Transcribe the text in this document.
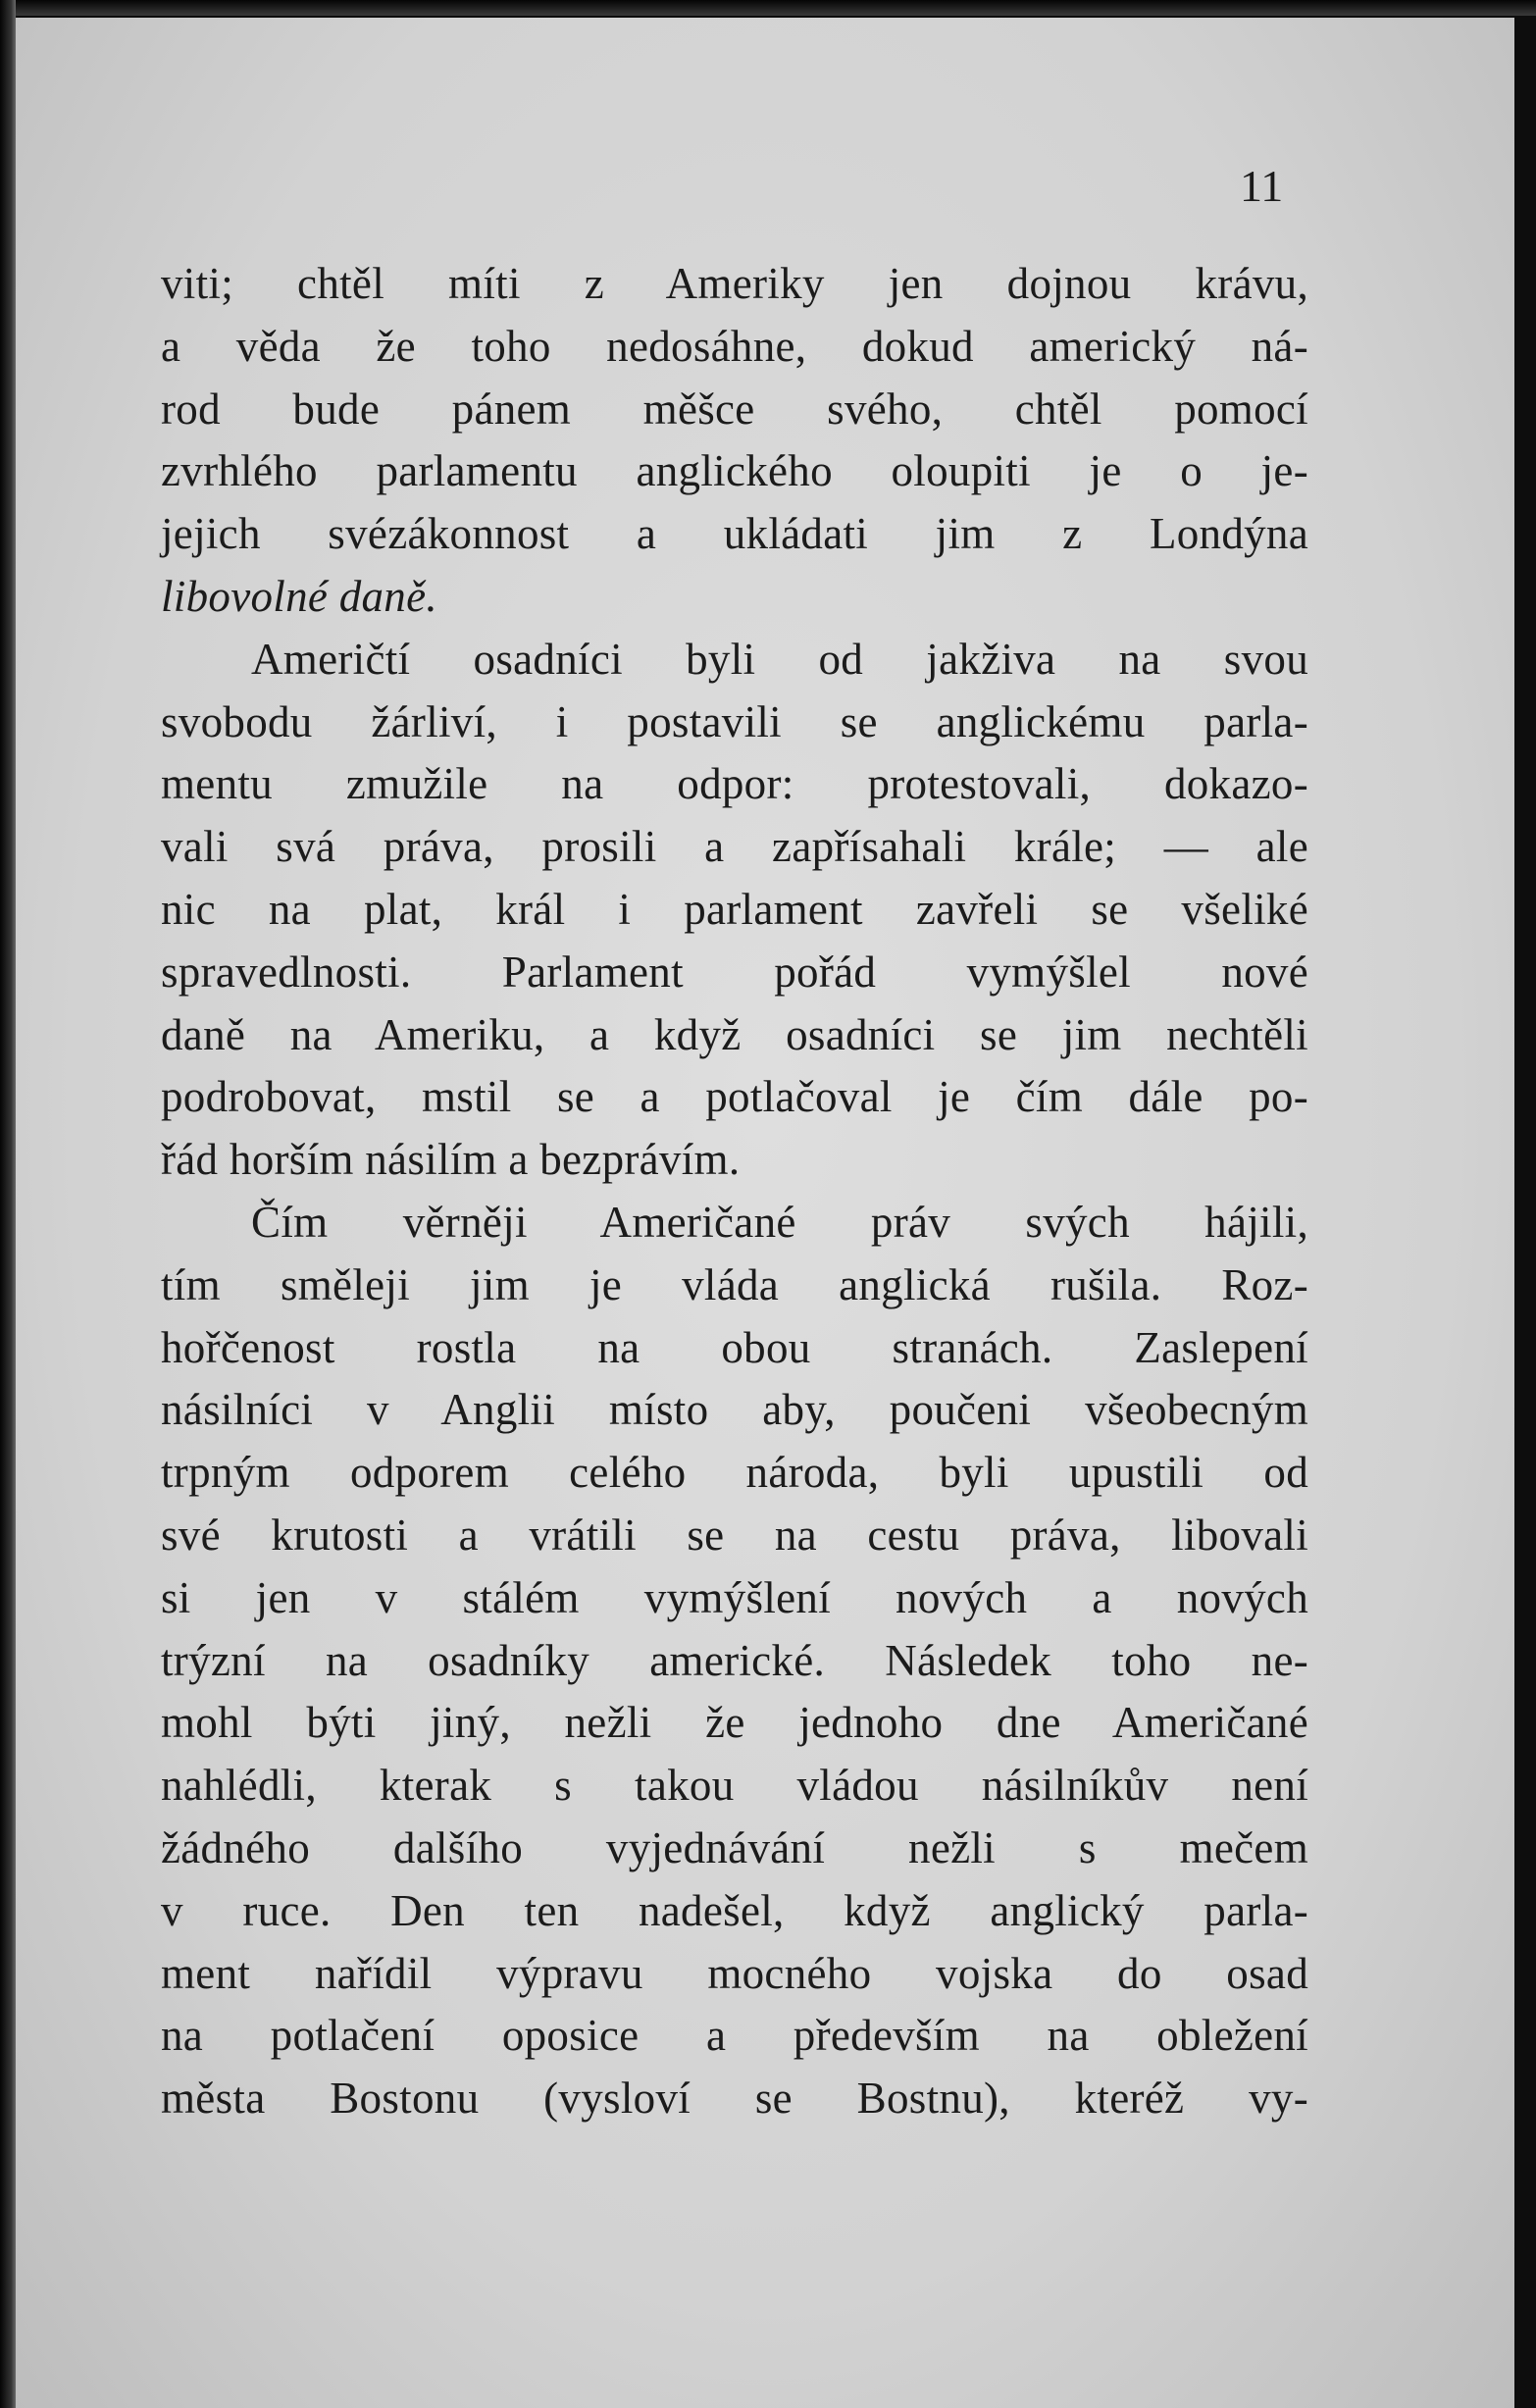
11
viti; chtěl míti z Ameriky jen dojnou krávu,
a věda že toho nedosáhne, dokud americký ná-
rod bude pánem měšce svého, chtěl pomocí
zvrhlého parlamentu anglického oloupiti je o je-
jejich svézákonnost a ukládati jim z Londýna
libovolné daně.
Američtí osadníci byli od jakživa na svou
svobodu žárliví, i postavili se anglickému parla-
mentu zmužile na odpor: protestovali, dokazo-
vali svá práva, prosili a zapřísahali krále; — ale
nic na plat, král i parlament zavřeli se všeliké
spravedlnosti. Parlament pořád vymýšlel nové
daně na Ameriku, a když osadníci se jim nechtěli
podrobovat, mstil se a potlačoval je čím dále po-
řád horším násilím a bezprávím.
Čím věrněji Američané práv svých hájili,
tím směleji jim je vláda anglická rušila. Roz-
hořčenost rostla na obou stranách. Zaslepení
násilníci v Anglii místo aby, poučeni všeobecným
trpným odporem celého národa, byli upustili od
své krutosti a vrátili se na cestu práva, libovali
si jen v stálém vymýšlení nových a nových
trýzní na osadníky americké. Následek toho ne-
mohl býti jiný, nežli že jednoho dne Američané
nahlédli, kterak s takou vládou násilníkův není
žádného dalšího vyjednávání nežli s mečem
v ruce. Den ten nadešel, když anglický parla-
ment nařídil výpravu mocného vojska do osad
na potlačení oposice a především na obležení
města Bostonu (vysloví se Bostnu), kteréž vy-
